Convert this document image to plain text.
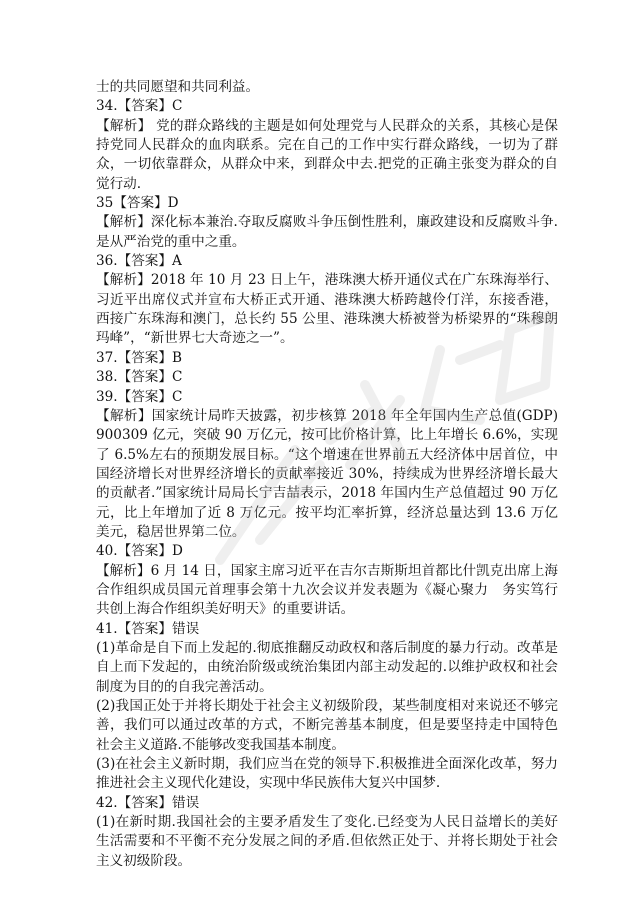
士的共同愿望和共同利益。

34.【答案】C

【解析】 党的群众路线的主题是如何处理党与人民群众的关系，其核心是保持党同人民群众的血肉联系。完在自己的工作中实行群众路线，一切为了群众，一切依靠群众，从群众中来，到群众中去.把党的正确主张变为群众的自觉行动.

35【答案】D

【解析】深化标本兼治.夺取反腐败斗争压倒性胜利，廉政建设和反腐败斗争.是从严治党的重中之重。

36.【答案】A

【解析】2018 年 10 月 23 日上午，港珠澳大桥开通仪式在广东珠海举行、习近平出席仪式并宣布大桥正式开通、港珠澳大桥跨越伶仃洋，东接香港，西接广东珠海和澳门，总长约 55 公里、港珠澳大桥被誉为桥梁界的“珠穆朗玛峰”，“新世界七大奇迹之一”。

37.【答案】B

38.【答案】C

39.【答案】C

【解析】国家统计局昨天披露，初步核算 2018 年全年国内生产总值(GDP) 900309 亿元，突破 90 万亿元，按可比价格计算，比上年增长 6.6%，实现了 6.5%左右的预期发展目标。“这个增速在世界前五大经济体中居首位，中国经济增长对世界经济增长的贡献率接近 30%，持续成为世界经济增长最大的贡献者.”国家统计局局长宁吉喆表示，2018 年国内生产总值超过 90 万亿元，比上年增加了近 8 万亿元。按平均汇率折算，经济总量达到 13.6 万亿美元，稳居世界第二位。

40.【答案】D

【解析】6 月 14 日，国家主席习近平在吉尔吉斯斯坦首都比什凯克出席上海合作组织成员国元首理事会第十九次会议并发表题为《凝心聚力　务实笃行　共创上海合作组织美好明天》的重要讲话。

41.【答案】错误

(1)革命是自下而上发起的.彻底推翻反动政权和落后制度的暴力行动。改革是自上而下发起的，由统治阶级或统治集团内部主动发起的.以维护政权和社会制度为目的的自我完善活动。

(2)我国正处于并将长期处于社会主义初级阶段，某些制度相对来说还不够完善，我们可以通过改革的方式，不断完善基本制度，但是要坚持走中国特色社会主义道路.不能够改变我国基本制度。

(3)在社会主义新时期，我们应当在党的领导下.积极推进全面深化改革，努力推进社会主义现代化建设，实现中华民族伟大复兴中国梦.

42.【答案】错误

(1)在新时期.我国社会的主要矛盾发生了变化.已经变为人民日益增长的美好生活需要和不平衡不充分发展之间的矛盾.但依然正处于、并将长期处于社会主义初级阶段。
